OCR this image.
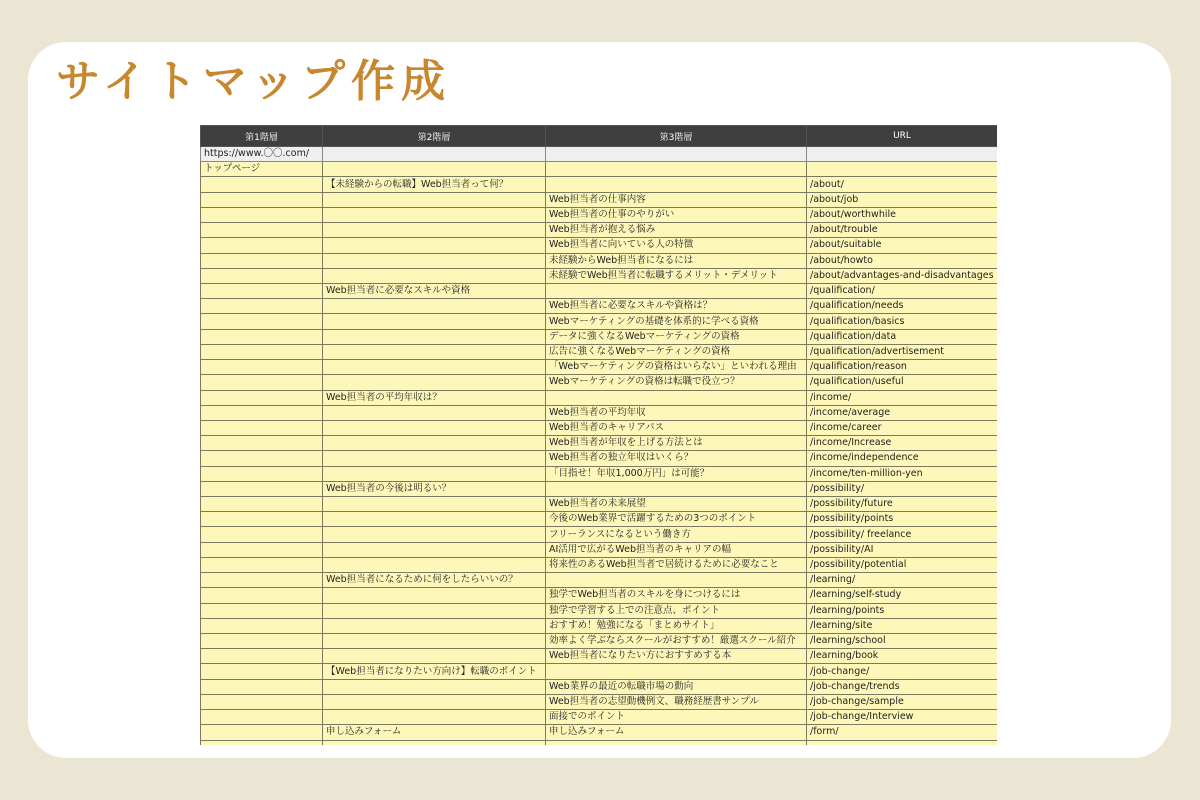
サイトマップ作成
第1階層	第2階層	第3階層	URL
https://www.〇〇.com/			
トップページ			
	【未経験からの転職】Web担当者って何？		/about/
		Web担当者の仕事内容	/about/job
		Web担当者の仕事のやりがい	/about/worthwhile
		Web担当者が抱える悩み	/about/trouble
		Web担当者に向いている人の特徴	/about/suitable
		未経験からWeb担当者になるには	/about/howto
		未経験でWeb担当者に転職するメリット・デメリット	/about/advantages-and-disadvantages
	Web担当者に必要なスキルや資格		/qualification/
		Web担当者に必要なスキルや資格は？	/qualification/needs
		Webマーケティングの基礎を体系的に学べる資格	/qualification/basics
		データに強くなるWebマーケティングの資格	/qualification/data
		広告に強くなるWebマーケティングの資格	/qualification/advertisement
		「Webマーケティングの資格はいらない」といわれる理由	/qualification/reason
		Webマーケティングの資格は転職で役立つ？	/qualification/useful
	Web担当者の平均年収は？		/income/
		Web担当者の平均年収	/income/average
		Web担当者のキャリアパス	/income/career
		Web担当者が年収を上げる方法とは	/income/Increase
		Web担当者の独立年収はいくら？	/income/independence
		「目指せ！年収1,000万円」は可能？	/income/ten-million-yen
	Web担当者の今後は明るい？		/possibility/
		Web担当者の未来展望	/possibility/future
		今後のWeb業界で活躍するための3つのポイント	/possibility/points
		フリーランスになるという働き方	/possibility/ freelance
		AI活用で広がるWeb担当者のキャリアの幅	/possibility/AI
		将来性のあるWeb担当者で居続けるために必要なこと	/possibility/potential
	Web担当者になるために何をしたらいいの？		/learning/
		独学でWeb担当者のスキルを身につけるには	/learning/self-study
		独学で学習する上での注意点、ポイント	/learning/points
		おすすめ！勉強になる「まとめサイト」	/learning/site
		効率よく学ぶならスクールがおすすめ！厳選スクール紹介	/learning/school
		Web担当者になりたい方におすすめする本	/learning/book
	【Web担当者になりたい方向け】転職のポイント		/job-change/
		Web業界の最近の転職市場の動向	/job-change/trends
		Web担当者の志望動機例文、職務経歴書サンプル	/job-change/sample
		面接でのポイント	/job-change/Interview
	申し込みフォーム	申し込みフォーム	/form/
